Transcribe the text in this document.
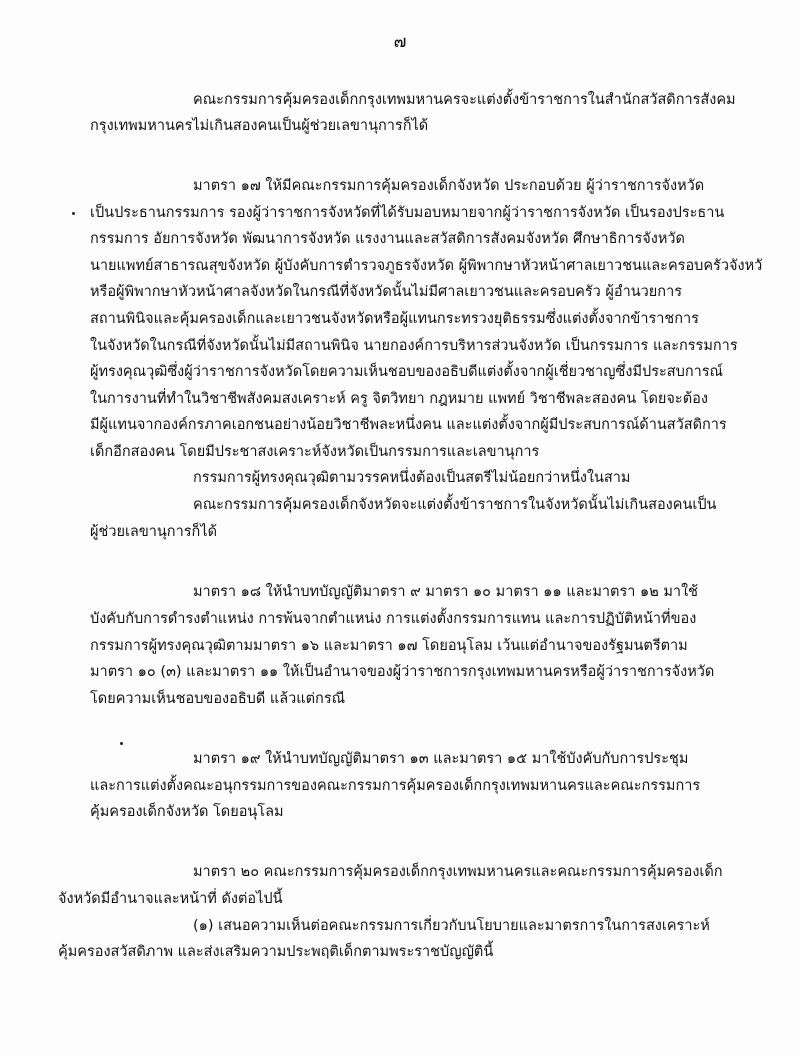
๗
คณะกรรมการคุ้มครองเด็กกรุงเทพมหานครจะแต่งตั้งข้าราชการในสำนักสวัสดิการสังคม
กรุงเทพมหานครไม่เกินสองคนเป็นผู้ช่วยเลขานุการก็ได้
มาตรา ๑๗ ให้มีคณะกรรมการคุ้มครองเด็กจังหวัด ประกอบด้วย ผู้ว่าราชการจังหวัด
เป็นประธานกรรมการ รองผู้ว่าราชการจังหวัดที่ได้รับมอบหมายจากผู้ว่าราชการจังหวัด เป็นรองประธาน
กรรมการ อัยการจังหวัด พัฒนาการจังหวัด แรงงานและสวัสดิการสังคมจังหวัด ศึกษาธิการจังหวัด
นายแพทย์สาธารณสุขจังหวัด ผู้บังคับการตำรวจภูธรจังหวัด ผู้พิพากษาหัวหน้าศาลเยาวชนและครอบครัวจังหวั
หรือผู้พิพากษาหัวหน้าศาลจังหวัดในกรณีที่จังหวัดนั้นไม่มีศาลเยาวชนและครอบครัว ผู้อำนวยการ
สถานพินิจและคุ้มครองเด็กและเยาวชนจังหวัดหรือผู้แทนกระทรวงยุติธรรมซึ่งแต่งตั้งจากข้าราชการ
ในจังหวัดในกรณีที่จังหวัดนั้นไม่มีสถานพินิจ นายกองค์การบริหารส่วนจังหวัด เป็นกรรมการ และกรรมการ
ผู้ทรงคุณวุฒิซึ่งผู้ว่าราชการจังหวัดโดยความเห็นชอบของอธิบดีแต่งตั้งจากผู้เชี่ยวชาญซึ่งมีประสบการณ์
ในการงานที่ทำในวิชาชีพสังคมสงเคราะห์ ครู จิตวิทยา กฎหมาย แพทย์ วิชาชีพละสองคน โดยจะต้อง
มีผู้แทนจากองค์กรภาคเอกชนอย่างน้อยวิชาชีพละหนึ่งคน และแต่งตั้งจากผู้มีประสบการณ์ด้านสวัสดิการ
เด็กอีกสองคน โดยมีประชาสงเคราะห์จังหวัดเป็นกรรมการและเลขานุการ
กรรมการผู้ทรงคุณวุฒิตามวรรคหนึ่งต้องเป็นสตรีไม่น้อยกว่าหนึ่งในสาม
คณะกรรมการคุ้มครองเด็กจังหวัดจะแต่งตั้งข้าราชการในจังหวัดนั้นไม่เกินสองคนเป็น
ผู้ช่วยเลขานุการก็ได้
มาตรา ๑๘ ให้นำบทบัญญัติมาตรา ๙ มาตรา ๑๐ มาตรา ๑๑ และมาตรา ๑๒ มาใช้
บังคับกับการดำรงตำแหน่ง การพ้นจากตำแหน่ง การแต่งตั้งกรรมการแทน และการปฏิบัติหน้าที่ของ
กรรมการผู้ทรงคุณวุฒิตามมาตรา ๑๖ และมาตรา ๑๗ โดยอนุโลม เว้นแต่อำนาจของรัฐมนตรีตาม
มาตรา ๑๐ (๓) และมาตรา ๑๑ ให้เป็นอำนาจของผู้ว่าราชการกรุงเทพมหานครหรือผู้ว่าราชการจังหวัด
โดยความเห็นชอบของอธิบดี แล้วแต่กรณี
มาตรา ๑๙ ให้นำบทบัญญัติมาตรา ๑๓ และมาตรา ๑๕ มาใช้บังคับกับการประชุม
และการแต่งตั้งคณะอนุกรรมการของคณะกรรมการคุ้มครองเด็กกรุงเทพมหานครและคณะกรรมการ
คุ้มครองเด็กจังหวัด โดยอนุโลม
มาตรา ๒๐ คณะกรรมการคุ้มครองเด็กกรุงเทพมหานครและคณะกรรมการคุ้มครองเด็ก
จังหวัดมีอำนาจและหน้าที่ ดังต่อไปนี้
(๑) เสนอความเห็นต่อคณะกรรมการเกี่ยวกับนโยบายและมาตรการในการสงเคราะห์
คุ้มครองสวัสดิภาพ และส่งเสริมความประพฤติเด็กตามพระราชบัญญัตินี้
